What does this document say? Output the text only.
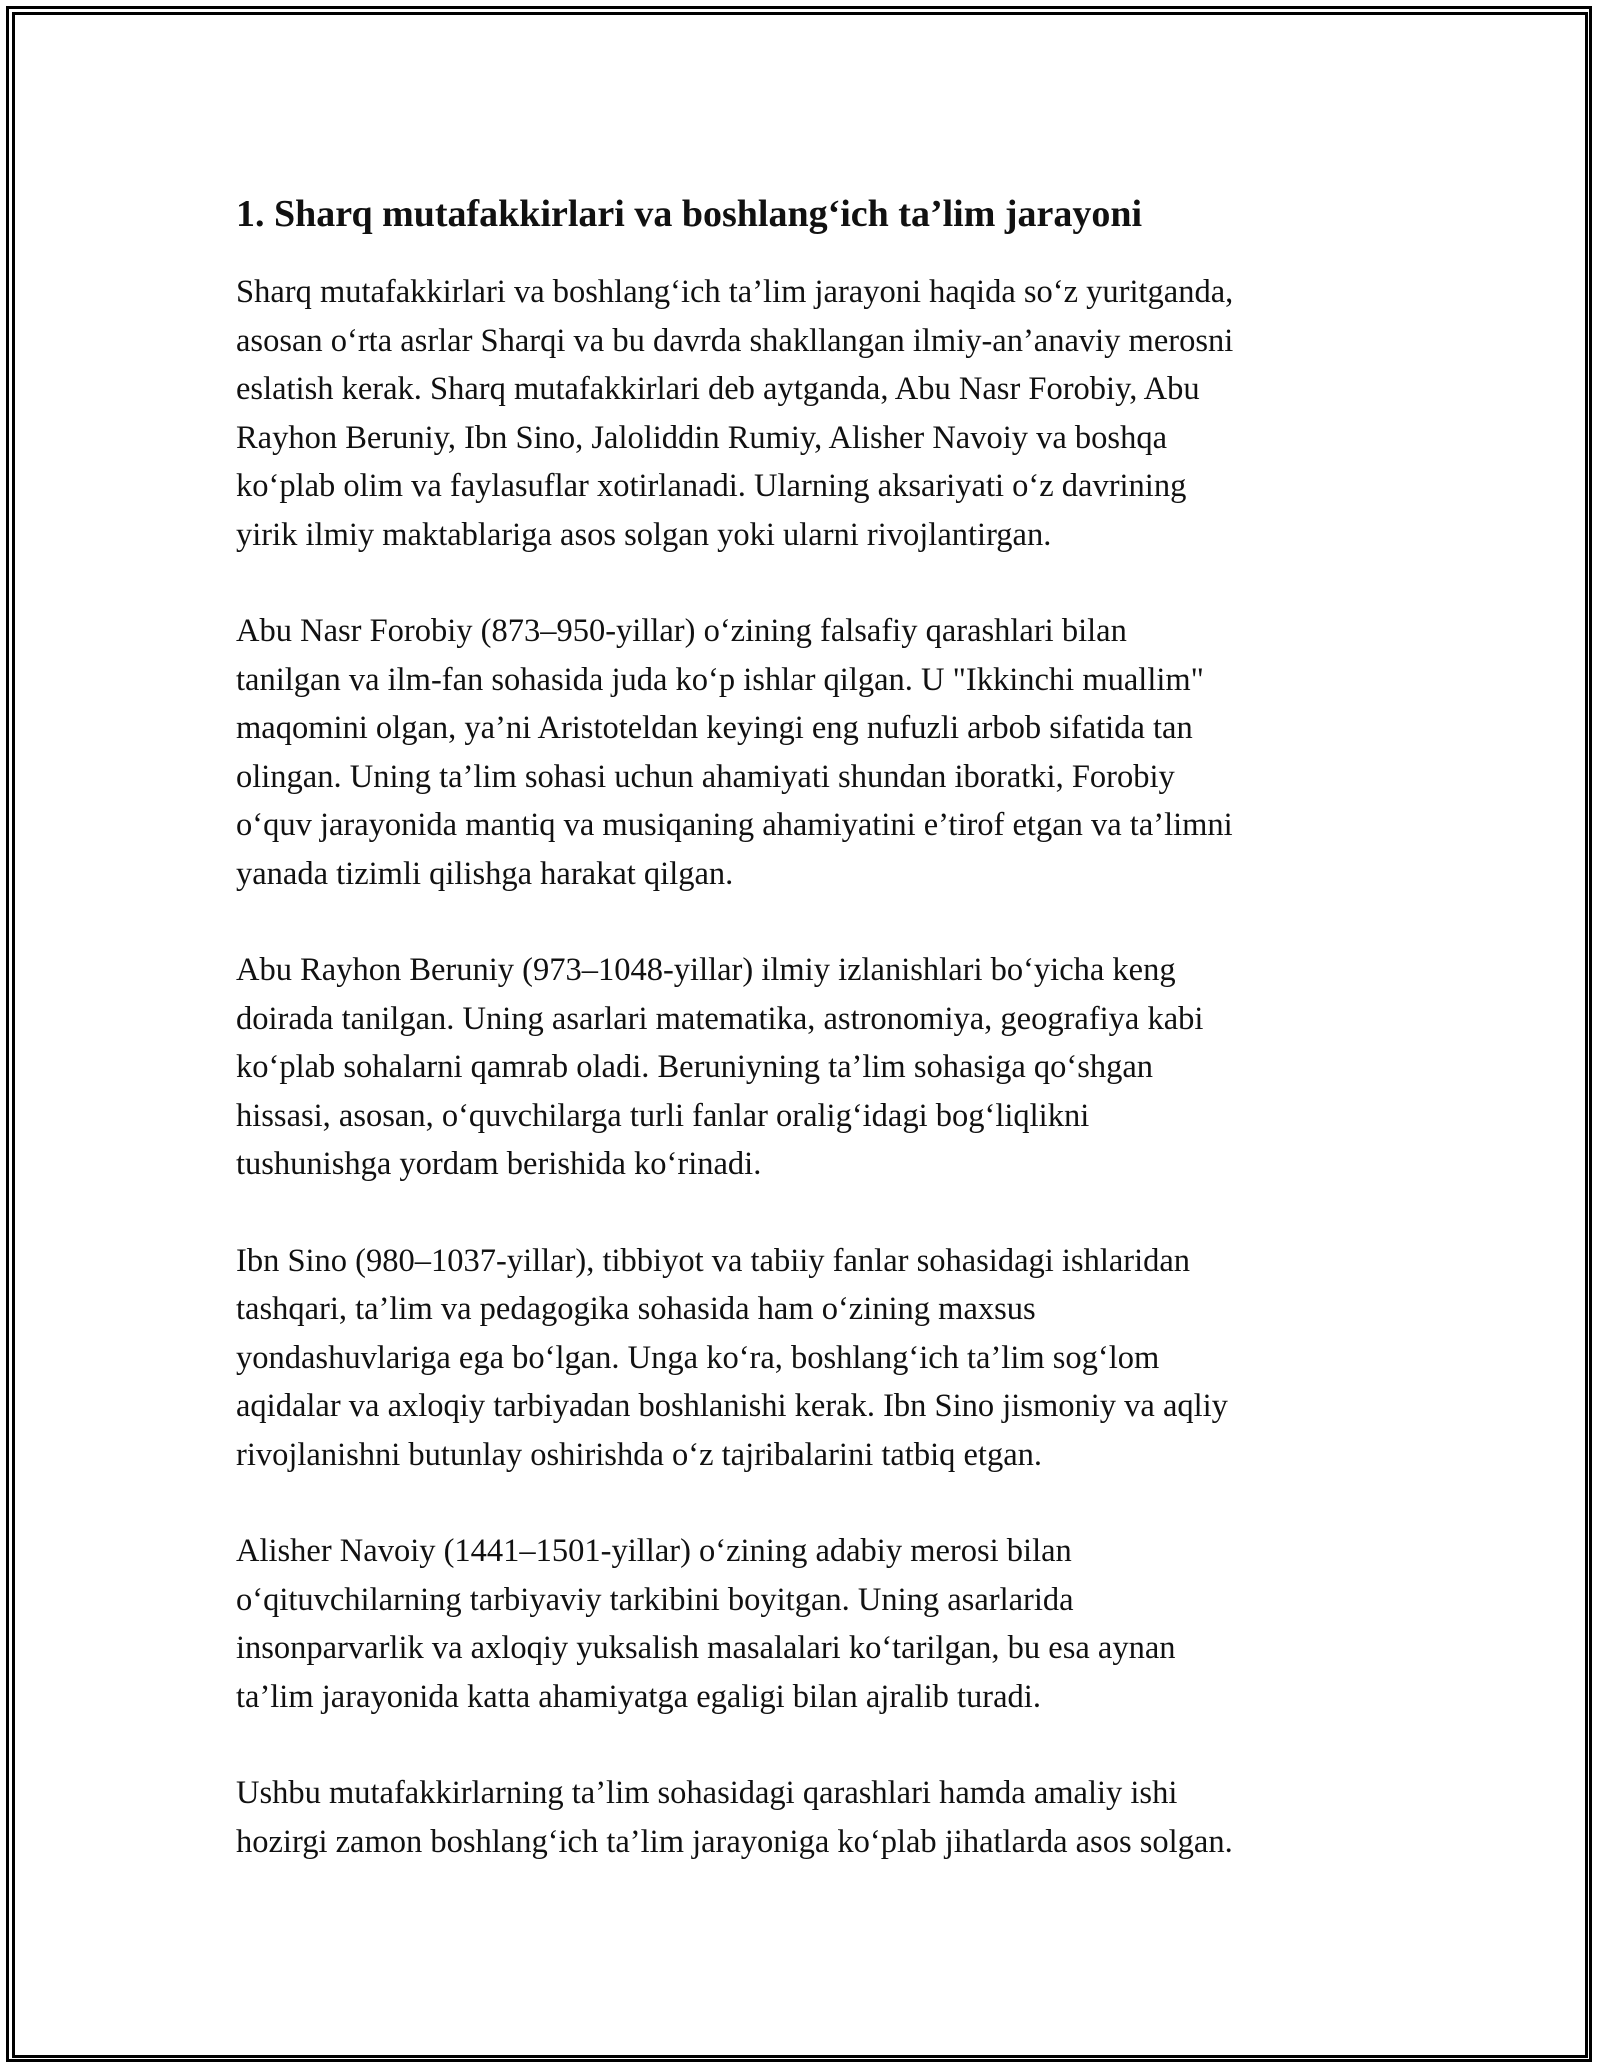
1. Sharq mutafakkirlari va boshlang‘ich ta’lim jarayoni

Sharq mutafakkirlari va boshlang‘ich ta’lim jarayoni haqida so‘z yuritganda,
asosan o‘rta asrlar Sharqi va bu davrda shakllangan ilmiy-an’anaviy merosni
eslatish kerak. Sharq mutafakkirlari deb aytganda, Abu Nasr Forobiy, Abu
Rayhon Beruniy, Ibn Sino, Jaloliddin Rumiy, Alisher Navoiy va boshqa
ko‘plab olim va faylasuflar xotirlanadi. Ularning aksariyati o‘z davrining
yirik ilmiy maktablariga asos solgan yoki ularni rivojlantirgan.

Abu Nasr Forobiy (873–950-yillar) o‘zining falsafiy qarashlari bilan
tanilgan va ilm-fan sohasida juda ko‘p ishlar qilgan. U "Ikkinchi muallim"
maqomini olgan, ya’ni Aristoteldan keyingi eng nufuzli arbob sifatida tan
olingan. Uning ta’lim sohasi uchun ahamiyati shundan iboratki, Forobiy
o‘quv jarayonida mantiq va musiqaning ahamiyatini e’tirof etgan va ta’limni
yanada tizimli qilishga harakat qilgan.

Abu Rayhon Beruniy (973–1048-yillar) ilmiy izlanishlari bo‘yicha keng
doirada tanilgan. Uning asarlari matematika, astronomiya, geografiya kabi
ko‘plab sohalarni qamrab oladi. Beruniyning ta’lim sohasiga qo‘shgan
hissasi, asosan, o‘quvchilarga turli fanlar oralig‘idagi bog‘liqlikni
tushunishga yordam berishida ko‘rinadi.

Ibn Sino (980–1037-yillar), tibbiyot va tabiiy fanlar sohasidagi ishlaridan
tashqari, ta’lim va pedagogika sohasida ham o‘zining maxsus
yondashuvlariga ega bo‘lgan. Unga ko‘ra, boshlang‘ich ta’lim sog‘lom
aqidalar va axloqiy tarbiyadan boshlanishi kerak. Ibn Sino jismoniy va aqliy
rivojlanishni butunlay oshirishda o‘z tajribalarini tatbiq etgan.

Alisher Navoiy (1441–1501-yillar) o‘zining adabiy merosi bilan
o‘qituvchilarning tarbiyaviy tarkibini boyitgan. Uning asarlarida
insonparvarlik va axloqiy yuksalish masalalari ko‘tarilgan, bu esa aynan
ta’lim jarayonida katta ahamiyatga egaligi bilan ajralib turadi.

Ushbu mutafakkirlarning ta’lim sohasidagi qarashlari hamda amaliy ishi
hozirgi zamon boshlang‘ich ta’lim jarayoniga ko‘plab jihatlarda asos solgan.
